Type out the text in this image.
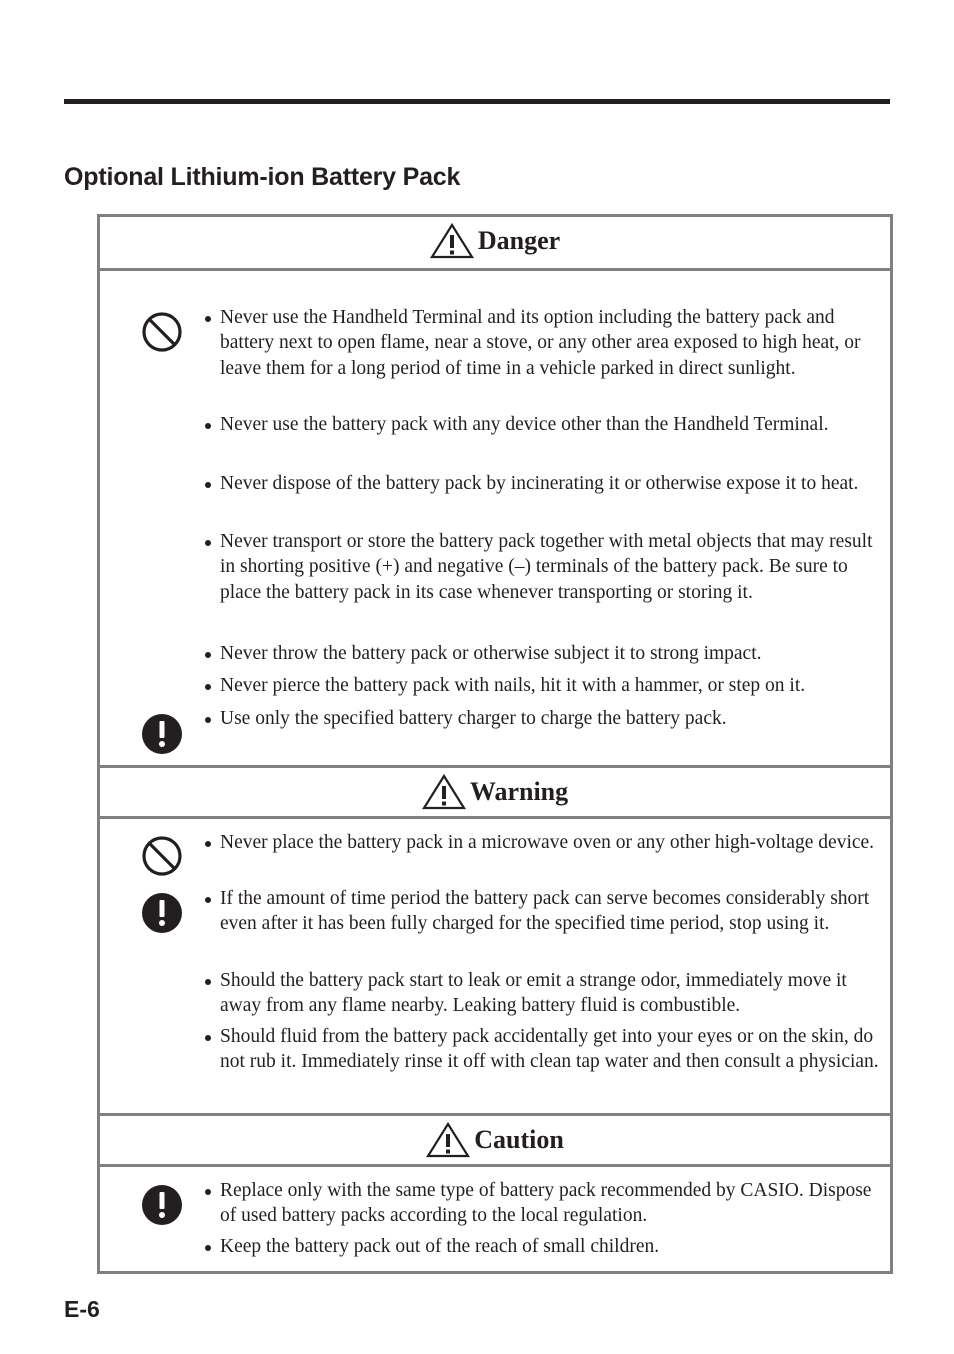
Optional Lithium-ion Battery Pack
Danger
Never use the Handheld Terminal and its option including the battery pack and battery next to open flame, near a stove, or any other area exposed to high heat, or leave them for a long period of time in a vehicle parked in direct sunlight.
Never use the battery pack with any device other than the Handheld Terminal.
Never dispose of the battery pack by incinerating it or otherwise expose it to heat.
Never transport or store the battery pack together with metal objects that may result in shorting positive (+) and negative (–) terminals of the battery pack. Be sure to place the battery pack in its case whenever transporting or storing it.
Never throw the battery pack or otherwise subject it to strong impact.
Never pierce the battery pack with nails, hit it with a hammer, or step on it.
Use only the specified battery charger to charge the battery pack.
Warning
Never place the battery pack in a microwave oven or any other high-voltage device.
If the amount of time period the battery pack can serve becomes considerably short even after it has been fully charged for the specified time period, stop using it.
Should the battery pack start to leak or emit a strange odor, immediately move it away from any flame nearby. Leaking battery fluid is combustible.
Should fluid from the battery pack accidentally get into your eyes or on the skin, do not rub it. Immediately rinse it off with clean tap water and then consult a physician.
Caution
Replace only with the same type of battery pack recommended by CASIO. Dispose of used battery packs according to the local regulation.
Keep the battery pack out of the reach of small children.
E-6
